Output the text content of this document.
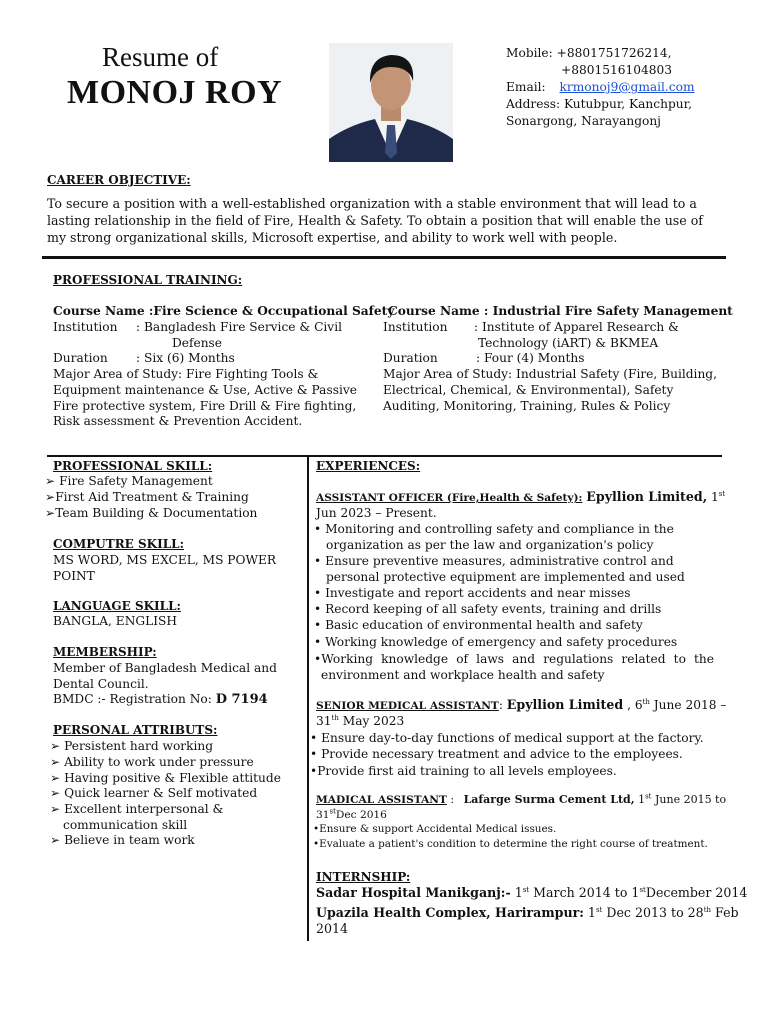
Resume of
MONOJ ROY
Mobile: +8801751726214,
+8801516104803
Email: krmonoj9@gmail.com
Address: Kutubpur, Kanchpur,
Sonargong, Narayangonj
CAREER OBJECTIVE:
To secure a position with a well-established organization with a stable environment that will lead to a
lasting relationship in the field of Fire, Health & Safety. To obtain a position that will enable the use of
my strong organizational skills, Microsoft expertise, and ability to work well with people.
PROFESSIONAL TRAINING:
Course Name :Fire Science & Occupational Safety
Institution : Bangladesh Fire Service & Civil
Defense
Duration : Six (6) Months
Major Area of Study: Fire Fighting Tools &
Equipment maintenance & Use, Active & Passive
Fire protective system, Fire Drill & Fire fighting,
Risk assessment & Prevention Accident.
Course Name : Industrial Fire Safety Management
Institution : Institute of Apparel Research &
Technology (iART) & BKMEA
Duration	: Four (4) Months
Major Area of Study: Industrial Safety (Fire, Building,
Electrical, Chemical, & Environmental), Safety
Auditing, Monitoring, Training, Rules & Policy
PROFESSIONAL SKILL:
➢ Fire Safety Management
➢First Aid Treatment & Training
➢Team Building & Documentation
COMPUTRE SKILL:
MS WORD, MS EXCEL, MS POWER
POINT
LANGUAGE SKILL:
BANGLA, ENGLISH
MEMBERSHIP:
Member of Bangladesh Medical and
Dental Council.
BMDC :- Registration No: D 7194
PERSONAL ATTRIBUTS:
➢ Persistent hard working
➢ Ability to work under pressure
➢ Having positive & Flexible attitude
➢ Quick learner & Self motivated
➢ Excellent interpersonal &
communication skill
➢ Believe in team work
EXPERIENCES:
ASSISTANT OFFICER (Fire,Health & Safety): Epyllion Limited, 1st
Jun 2023 – Present.
• Monitoring and controlling safety and compliance in the
organization as per the law and organization's policy
• Ensure preventive measures, administrative control and
personal protective equipment are implemented and used
• Investigate and report accidents and near misses
• Record keeping of all safety events, training and drills
• Basic education of environmental health and safety
• Working knowledge of emergency and safety procedures
•Working knowledge of laws and regulations related to the
environment and workplace health and safety
SENIOR MEDICAL ASSISTANT: Epyllion Limited , 6th June 2018 –
31th May 2023
• Ensure day-to-day functions of medical support at the factory.
• Provide necessary treatment and advice to the employees.
•Provide first aid training to all levels employees.
MADICAL ASSISTANT : Lafarge Surma Cement Ltd, 1st June 2015 to
31stDec 2016
•Ensure & support Accidental Medical issues.
•Evaluate a patient's condition to determine the right course of treatment.
INTERNSHIP:
Sadar Hospital Manikganj:- 1st March 2014 to 1stDecember 2014
Upazila Health Complex, Harirampur: 1st Dec 2013 to 28th Feb
2014
